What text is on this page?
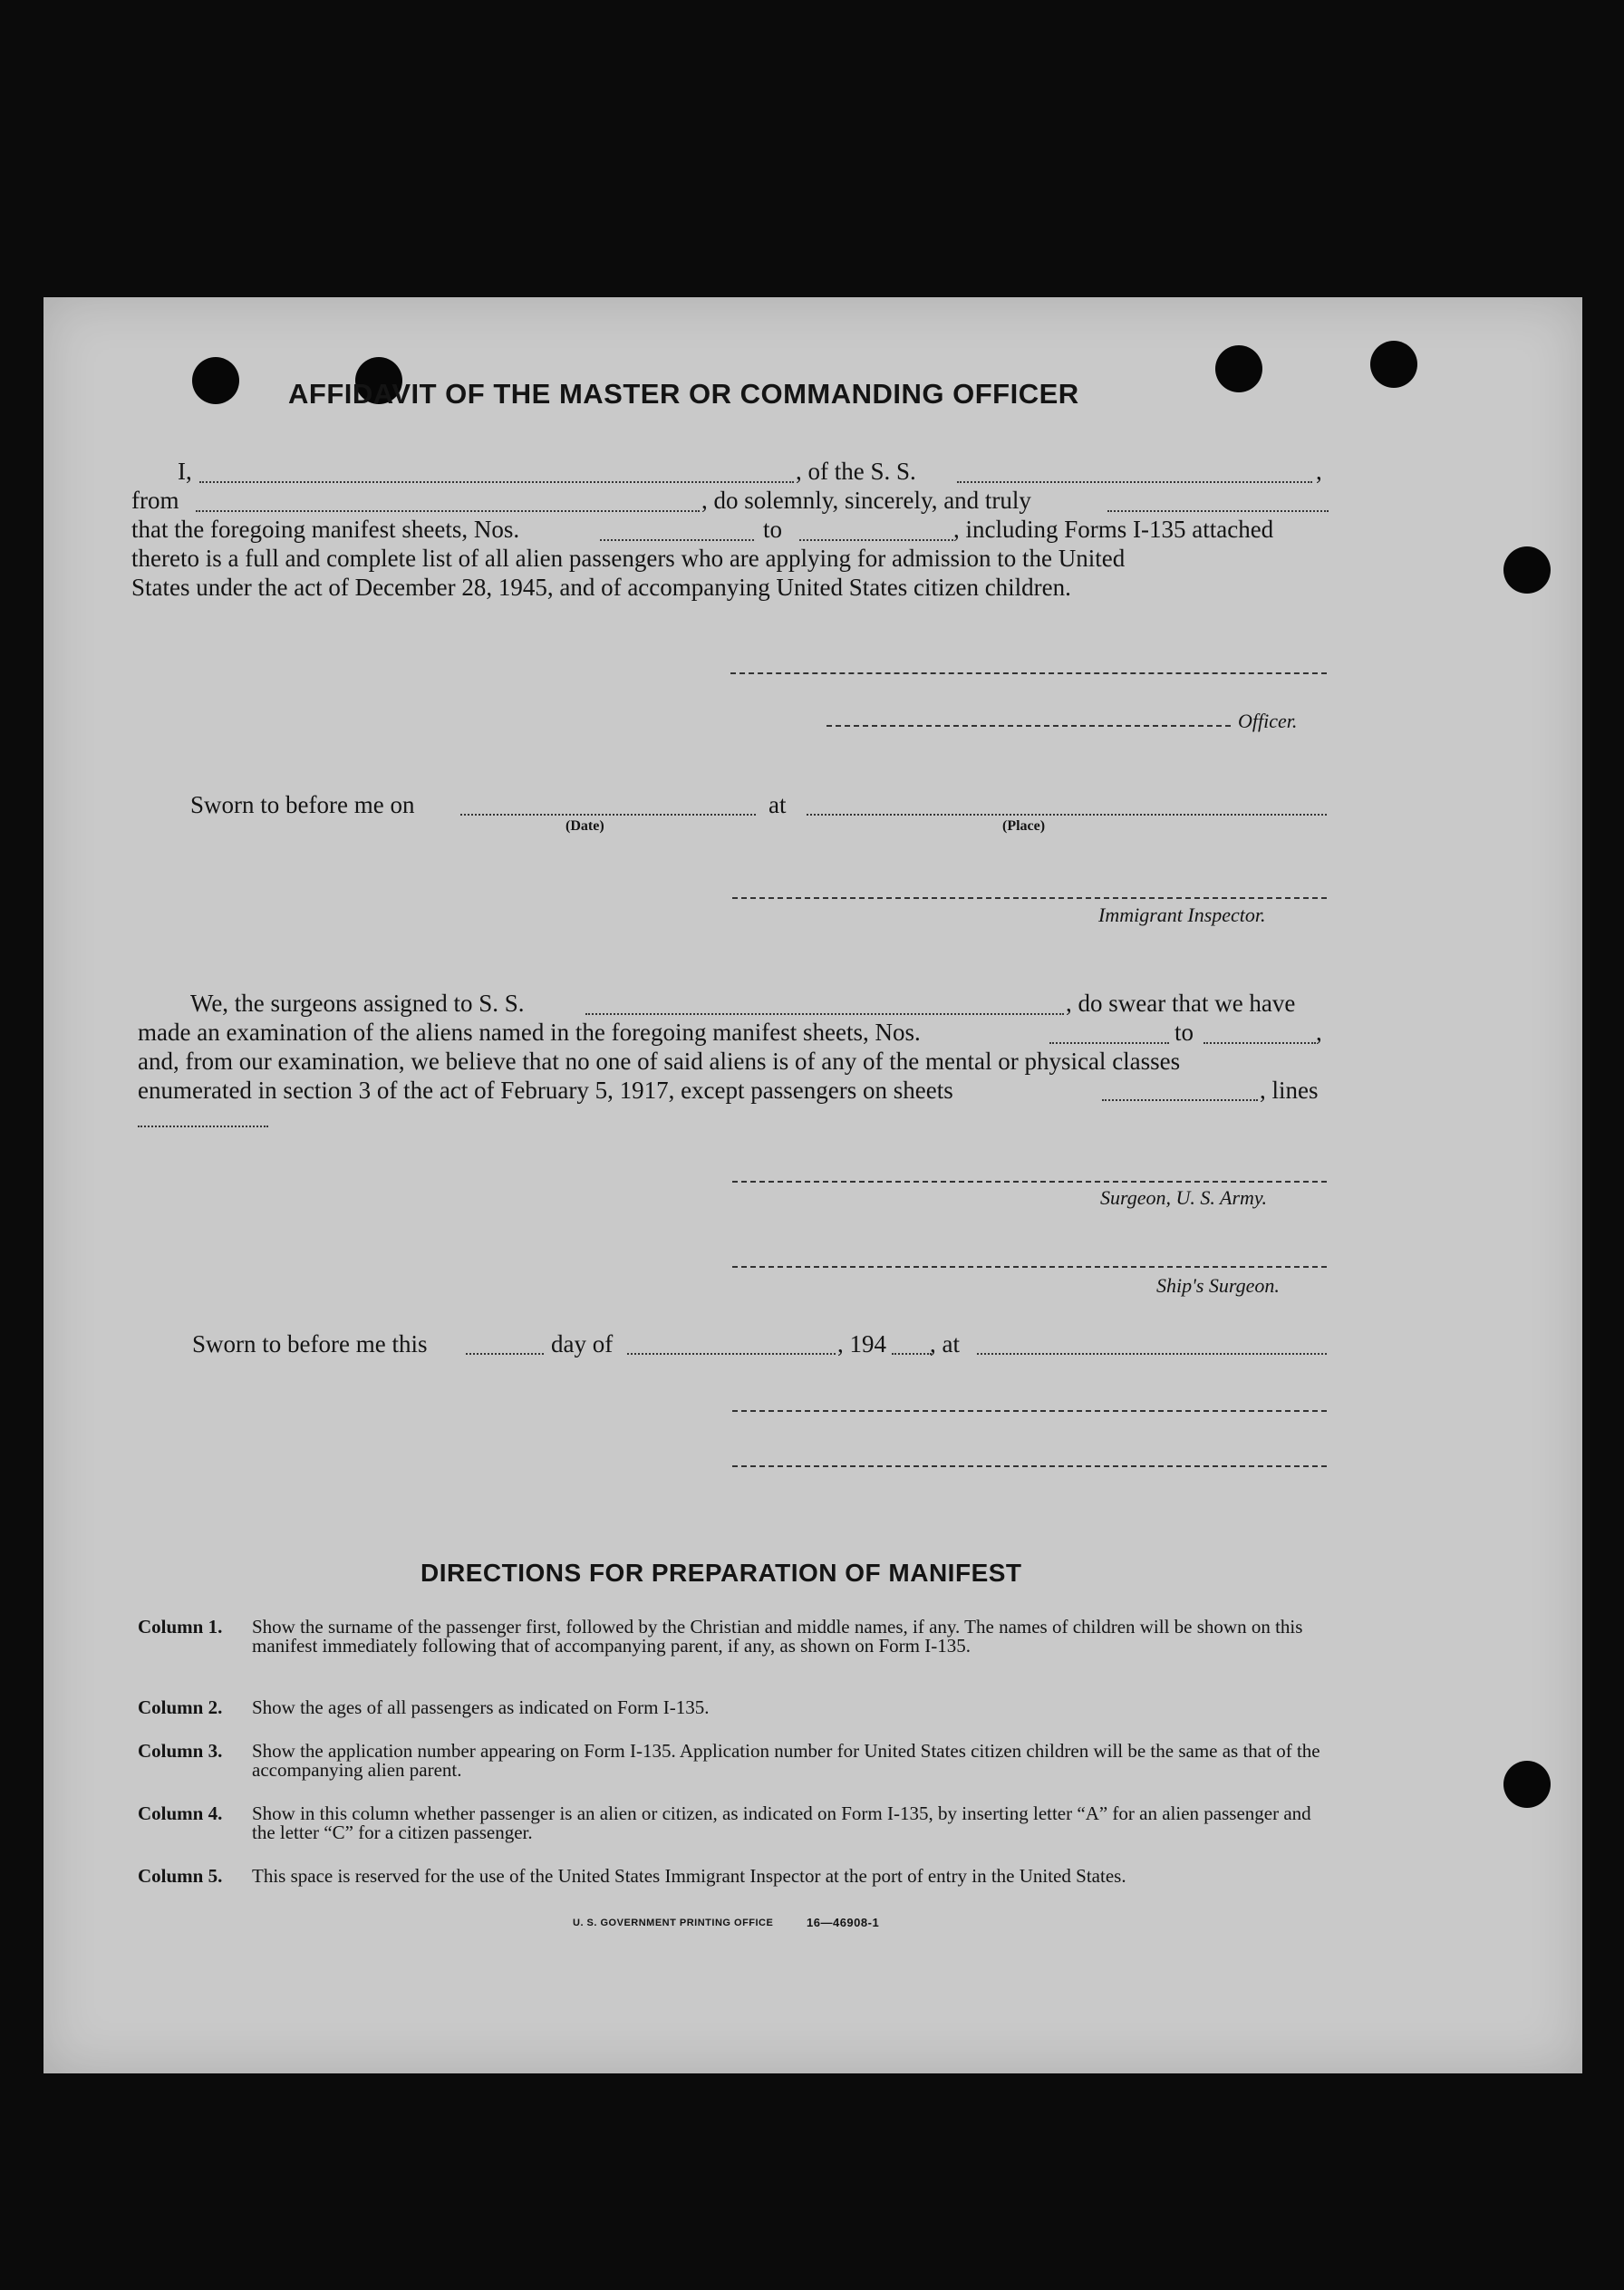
AFFIDAVIT OF THE MASTER OR COMMANDING OFFICER
I,	, of the S. S.	,
from	, do solemnly, sincerely, and truly
that the foregoing manifest sheets, Nos.	to	, including Forms I-135 attached
thereto is a full and complete list of all alien passengers who are applying for admission to the United
States under the act of December 28, 1945, and of accompanying United States citizen children.
Officer.
Sworn to before me on
(Date)
at
(Place)
Immigrant Inspector.
We, the surgeons assigned to S. S.	, do swear that we have
made an examination of the aliens named in the foregoing manifest sheets, Nos.	to	,
and, from our examination, we believe that no one of said aliens is of any of the mental or physical classes
enumerated in section 3 of the act of February 5, 1917, except passengers on sheets	, lines
Surgeon, U. S. Army.
Ship's Surgeon.
Sworn to before me this	day of	, 194 , at
DIRECTIONS FOR PREPARATION OF MANIFEST
Column 1. Show the surname of the passenger first, followed by the Christian and middle names, if any. The names of children will be shown on this manifest immediately following that of accompanying parent, if any, as shown on Form I-135.
Column 2. Show the ages of all passengers as indicated on Form I-135.
Column 3. Show the application number appearing on Form I-135. Application number for United States citizen children will be the same as that of the accompanying alien parent.
Column 4. Show in this column whether passenger is an alien or citizen, as indicated on Form I-135, by inserting letter “A” for an alien passenger and the letter “C” for a citizen passenger.
Column 5. This space is reserved for the use of the United States Immigrant Inspector at the port of entry in the United States.
U. S. GOVERNMENT PRINTING OFFICE	16—46908-1
